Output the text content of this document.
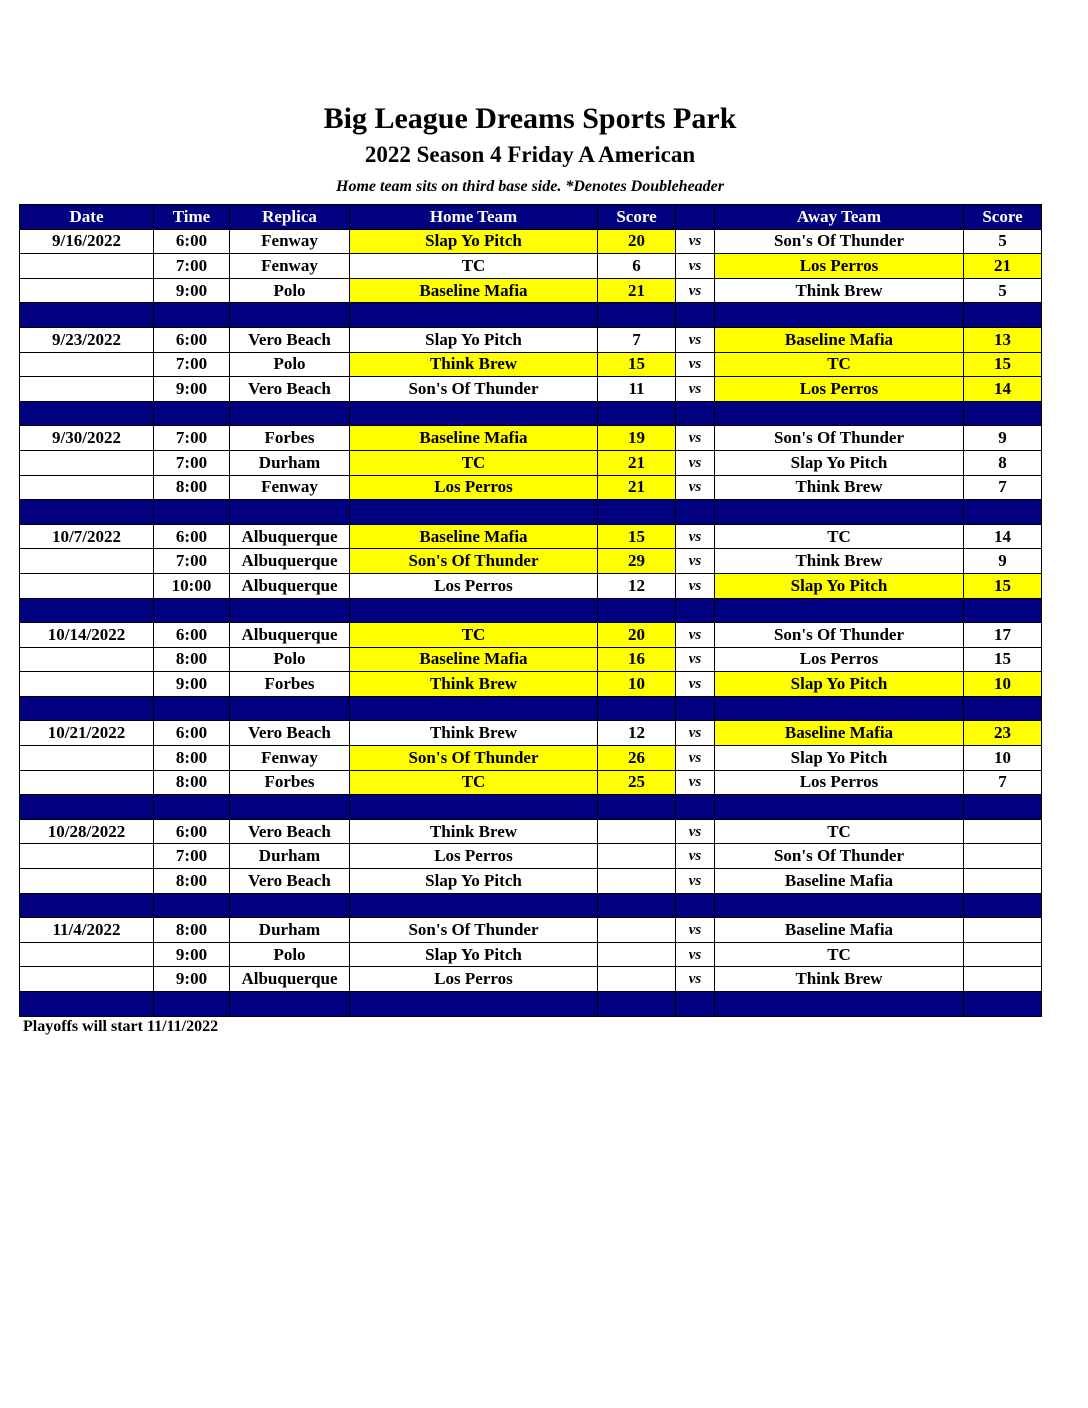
Big League Dreams Sports Park
2022 Season 4 Friday A American
Home team sits on third base side. *Denotes Doubleheader
Date	Time	Replica	Home Team	Score		Away Team	Score
9/16/2022	6:00	Fenway	Slap Yo Pitch	20	vs	Son's Of Thunder	5
	7:00	Fenway	TC	6	vs	Los Perros	21
	9:00	Polo	Baseline Mafia	21	vs	Think Brew	5

9/23/2022	6:00	Vero Beach	Slap Yo Pitch	7	vs	Baseline Mafia	13
	7:00	Polo	Think Brew	15	vs	TC	15
	9:00	Vero Beach	Son's Of Thunder	11	vs	Los Perros	14

9/30/2022	7:00	Forbes	Baseline Mafia	19	vs	Son's Of Thunder	9
	7:00	Durham	TC	21	vs	Slap Yo Pitch	8
	8:00	Fenway	Los Perros	21	vs	Think Brew	7

10/7/2022	6:00	Albuquerque	Baseline Mafia	15	vs	TC	14
	7:00	Albuquerque	Son's Of Thunder	29	vs	Think Brew	9
	10:00	Albuquerque	Los Perros	12	vs	Slap Yo Pitch	15

10/14/2022	6:00	Albuquerque	TC	20	vs	Son's Of Thunder	17
	8:00	Polo	Baseline Mafia	16	vs	Los Perros	15
	9:00	Forbes	Think Brew	10	vs	Slap Yo Pitch	10

10/21/2022	6:00	Vero Beach	Think Brew	12	vs	Baseline Mafia	23
	8:00	Fenway	Son's Of Thunder	26	vs	Slap Yo Pitch	10
	8:00	Forbes	TC	25	vs	Los Perros	7

10/28/2022	6:00	Vero Beach	Think Brew		vs	TC	
	7:00	Durham	Los Perros		vs	Son's Of Thunder	
	8:00	Vero Beach	Slap Yo Pitch		vs	Baseline Mafia	

11/4/2022	8:00	Durham	Son's Of Thunder		vs	Baseline Mafia	
	9:00	Polo	Slap Yo Pitch		vs	TC	
	9:00	Albuquerque	Los Perros		vs	Think Brew	

Playoffs will start 11/11/2022
